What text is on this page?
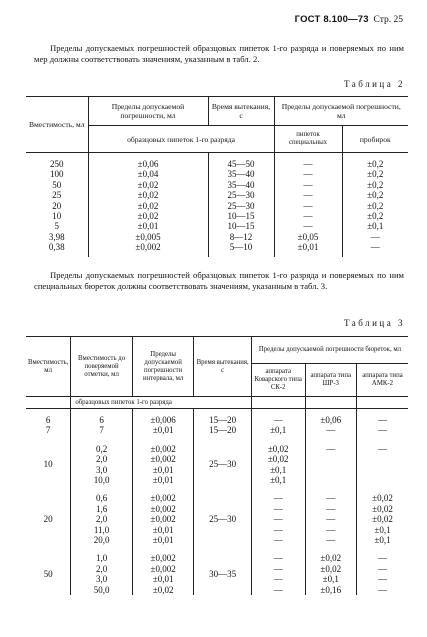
ГОСТ 8.100—73 Стр. 25
Пределы допускаемых погрешностей образцовых пипеток 1-го разряда и поверяемых по ним мер должны соответствовать значениям, указанным в табл. 2.
Таблица 2
Вместимость, мл	Пределы допускаемой погрешности, мл	Время вытекания, с	Пределы допускаемой погрешности, мл	
	образцовых пипеток 1-го разряда		пипеток специальных	пробирок
250	±0,06	45—50	—	±0,2
100	±0,04	35—40	—	±0,2
50	±0,02	35—40	—	±0,2
25	±0,02	25—30	—	±0,2
20	±0,02	25—30	—	±0,2
10	±0,02	10—15	—	±0,2
5	±0,01	10—15	—	±0,1
3,98	±0,005	8—12	±0,05	—
0,38	±0,002	5—10	±0,01	—
Пределы допускаемых погрешностей образцовых пипеток 1-го разряда и поверяемых по ним специальных бюреток должны соответствовать значениям, указанным в табл. 3.
Таблица 3
Вместимость, мл	Вместимость до поверяемой отметки, мл	Пределы допускаемой погрешности интервала, мл	Время вытекания, с	Пределы допускаемой погрешности бюреток, мл		
				аппарата Коварского типа СК-2	аппарата типа ШР-3	аппарата типа АМК-2
	образцовых пипеток 1-го разряда					
6	6	±0,006	15—20	—	±0,06	—
7	7	±0,01	15—20	±0,1	—	—
10	0,2	±0,002	25—30	±0,02	—	—
	2,0	±0,002		±0,02		
	3,0	±0,01		±0,1		
	10,0	±0,01		±0,1		
20	0,6	±0,002	25—30	—	—	±0,02
	1,6	±0,002		—	—	±0,02
	2,0	±0,002		—	—	±0,02
	11,0	±0,01		—	—	±0,1
	20,0	±0,01		—	—	±0,1
50	1,0	±0,002	30—35	—	±0,02	—
	2,0	±0,002		—	±0,02	—
	3,0	±0,01		—	±0,1	—
	50,0	±0,02		—	±0,16	—
